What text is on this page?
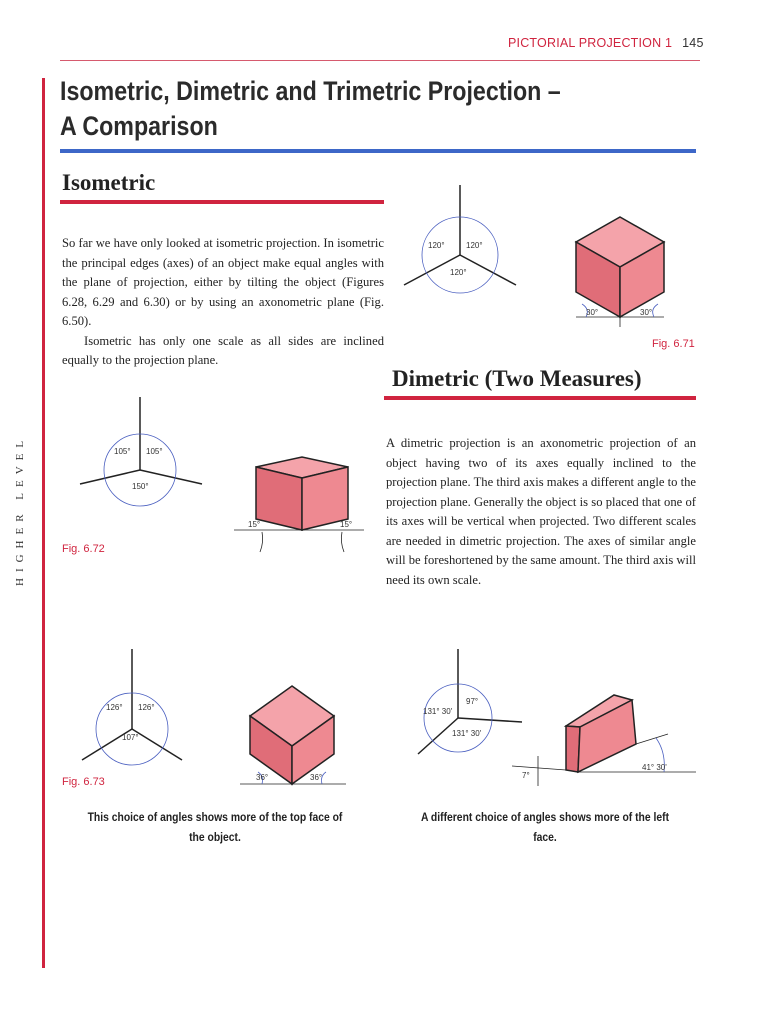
PICTORIAL PROJECTION 1 145
HIGHER LEVEL
Isometric, Dimetric and Trimetric Projection –
A Comparison
Isometric

So far we have only looked at isometric projection. In isometric the principal edges (axes) of an object make equal angles with the plane of projection, either by tilting the object (Figures 6.28, 6.29 and 6.30) or by using an axonometric plane (Fig. 6.50).

Isometric has only one scale as all sides are inclined equally to the projection plane.

120°	120°
120°
30°	30°
Fig. 6.71
Dimetric (Two Measures)

A dimetric projection is an axonometric projection of an object having two of its axes equally inclined to the projection plane. The third axis makes a different angle to the projection plane. Generally the object is so placed that one of its axes will be vertical when projected. Two different scales are needed in dimetric projection. The axes of similar angle will be foreshortened by the same amount. The third axis will need its own scale.

105° 105°
150°
15°	15°
Fig. 6.72
126° 126°
107°
36°	36°
Fig. 6.73
131° 30'
97°
131° 30'
7°
41° 30'
This choice of angles shows more of the top face of the object.
A different choice of angles shows more of the left face.
